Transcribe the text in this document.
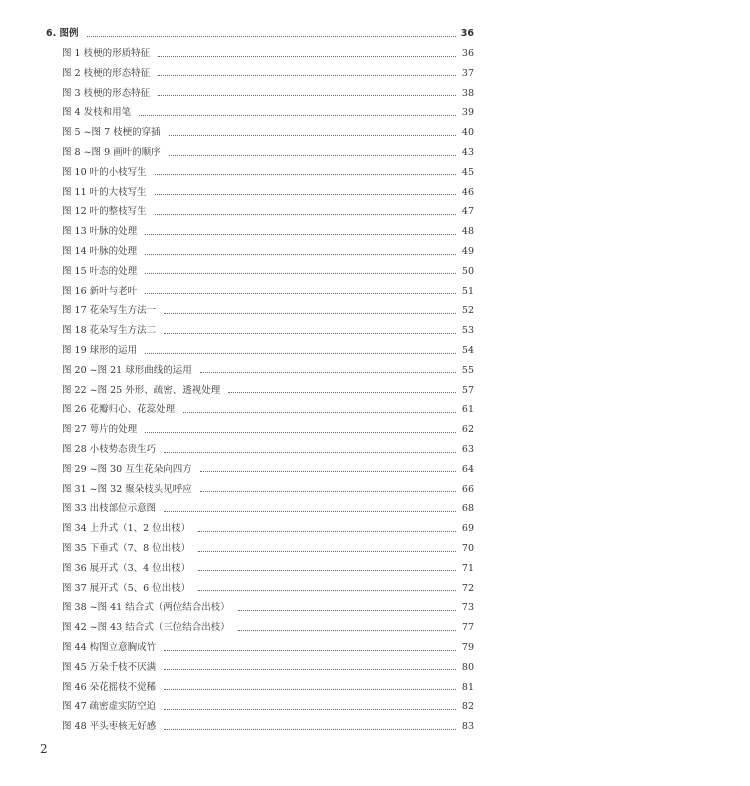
6. 图例	36
图 1 枝梗的形质特征	36
图 2 枝梗的形态特征	37
图 3 枝梗的形态特征	38
图 4 发枝和用笔	39
图 5 ~图 7 枝梗的穿插	40
图 8 ~图 9 画叶的顺序	43
图 10 叶的小枝写生	45
图 11 叶的大枝写生	46
图 12 叶的整枝写生	47
图 13 叶脉的处理	48
图 14 叶脉的处理	49
图 15 叶态的处理	50
图 16 新叶与老叶	51
图 17 花朵写生方法一	52
图 18 花朵写生方法二	53
图 19 球形的运用	54
图 20 ~图 21 球形曲线的运用	55
图 22 ~图 25 外形、疏密、透视处理	57
图 26 花瓣归心、花蕊处理	61
图 27 萼片的处理	62
图 28 小枝势态贵生巧	63
图 29 ~图 30 互生花朵向四方	64
图 31 ~图 32 聚朵枝头见呼应	66
图 33 出枝部位示意图	68
图 34 上升式（1、2 位出枝）	69
图 35 下垂式（7、8 位出枝）	70
图 36 展开式（3、4 位出枝）	71
图 37 展开式（5、6 位出枝）	72
图 38 ~图 41 结合式（两位结合出枝）	73
图 42 ~图 43 结合式（三位结合出枝）	77
图 44 构图立意胸成竹	79
图 45 万朵千枝不厌满	80
图 46 朵花摇枝不觉稀	81
图 47 疏密虚实防空迫	82
图 48 平头枣核无好感	83
2
